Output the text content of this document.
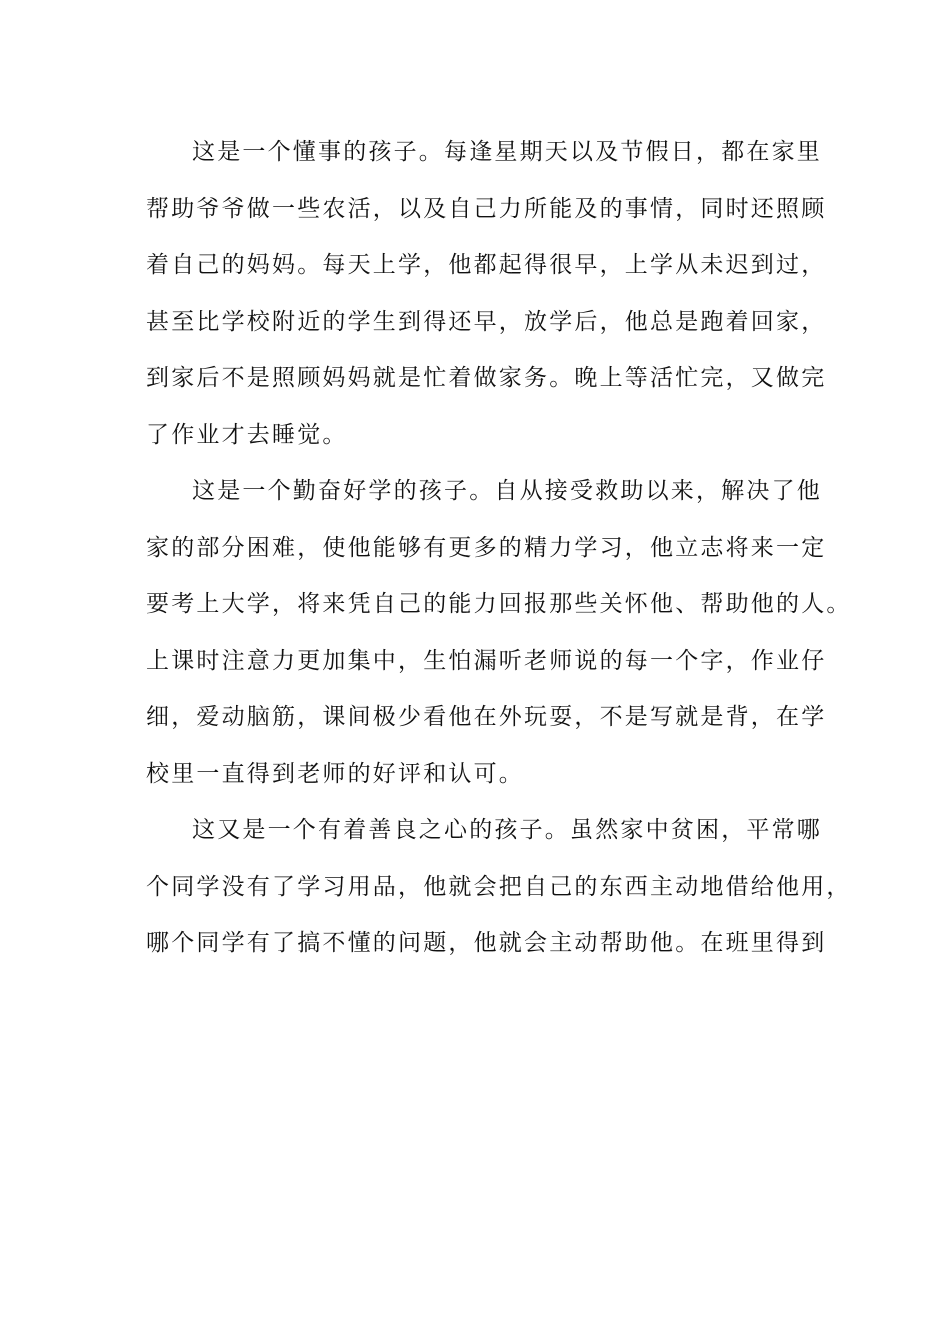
这是一个懂事的孩子。每逢星期天以及节假日，都在家里
帮助爷爷做一些农活，以及自己力所能及的事情，同时还照顾
着自己的妈妈。每天上学，他都起得很早，上学从未迟到过，
甚至比学校附近的学生到得还早，放学后，他总是跑着回家，
到家后不是照顾妈妈就是忙着做家务。晚上等活忙完，又做完
了作业才去睡觉。
这是一个勤奋好学的孩子。自从接受救助以来，解决了他
家的部分困难，使他能够有更多的精力学习，他立志将来一定
要考上大学，将来凭自己的能力回报那些关怀他、帮助他的人。
上课时注意力更加集中，生怕漏听老师说的每一个字，作业仔
细，爱动脑筋，课间极少看他在外玩耍，不是写就是背，在学
校里一直得到老师的好评和认可。
这又是一个有着善良之心的孩子。虽然家中贫困，平常哪
个同学没有了学习用品，他就会把自己的东西主动地借给他用，
哪个同学有了搞不懂的问题，他就会主动帮助他。在班里得到
